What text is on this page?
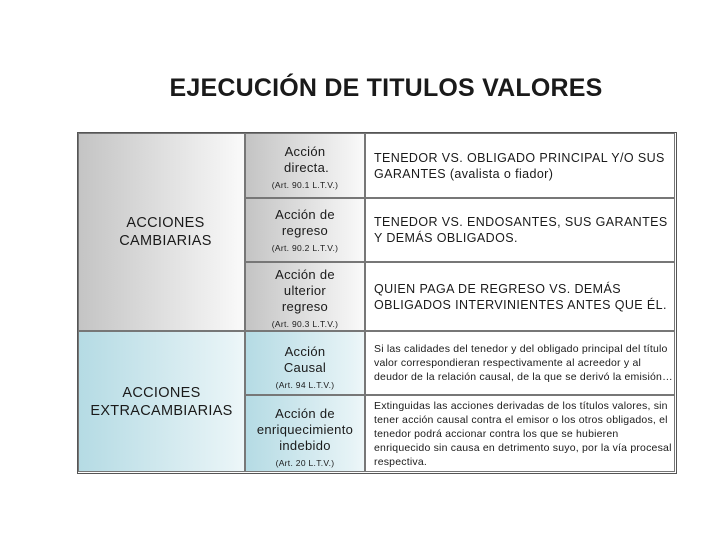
EJECUCIÓN DE TITULOS VALORES
ACCIONES CAMBIARIAS
ACCIONES EXTRACAMBIARIAS
Acción directa.
(Art. 90.1 L.T.V.)
Acción de regreso
(Art. 90.2 L.T.V.)
Acción de ulterior regreso
(Art. 90.3 L.T.V.)
Acción Causal
(Art. 94 L.T.V.)
Acción de enriquecimiento indebido
(Art. 20 L.T.V.)
TENEDOR VS. OBLIGADO PRINCIPAL Y/O SUS GARANTES (avalista o fiador)
TENEDOR VS. ENDOSANTES, SUS GARANTES Y DEMÁS OBLIGADOS.
QUIEN PAGA DE REGRESO VS. DEMÁS OBLIGADOS INTERVINIENTES ANTES QUE ÉL.
Si las calidades del tenedor y del obligado principal del título valor correspondieran respectivamente al acreedor y al deudor de la relación causal, de la que se derivó la emisión…
Extinguidas las acciones derivadas de los títulos valores, sin tener acción causal contra el emisor o los otros obligados, el tenedor podrá accionar contra los que se hubieren enriquecido sin causa en detrimento suyo, por la vía procesal respectiva.
